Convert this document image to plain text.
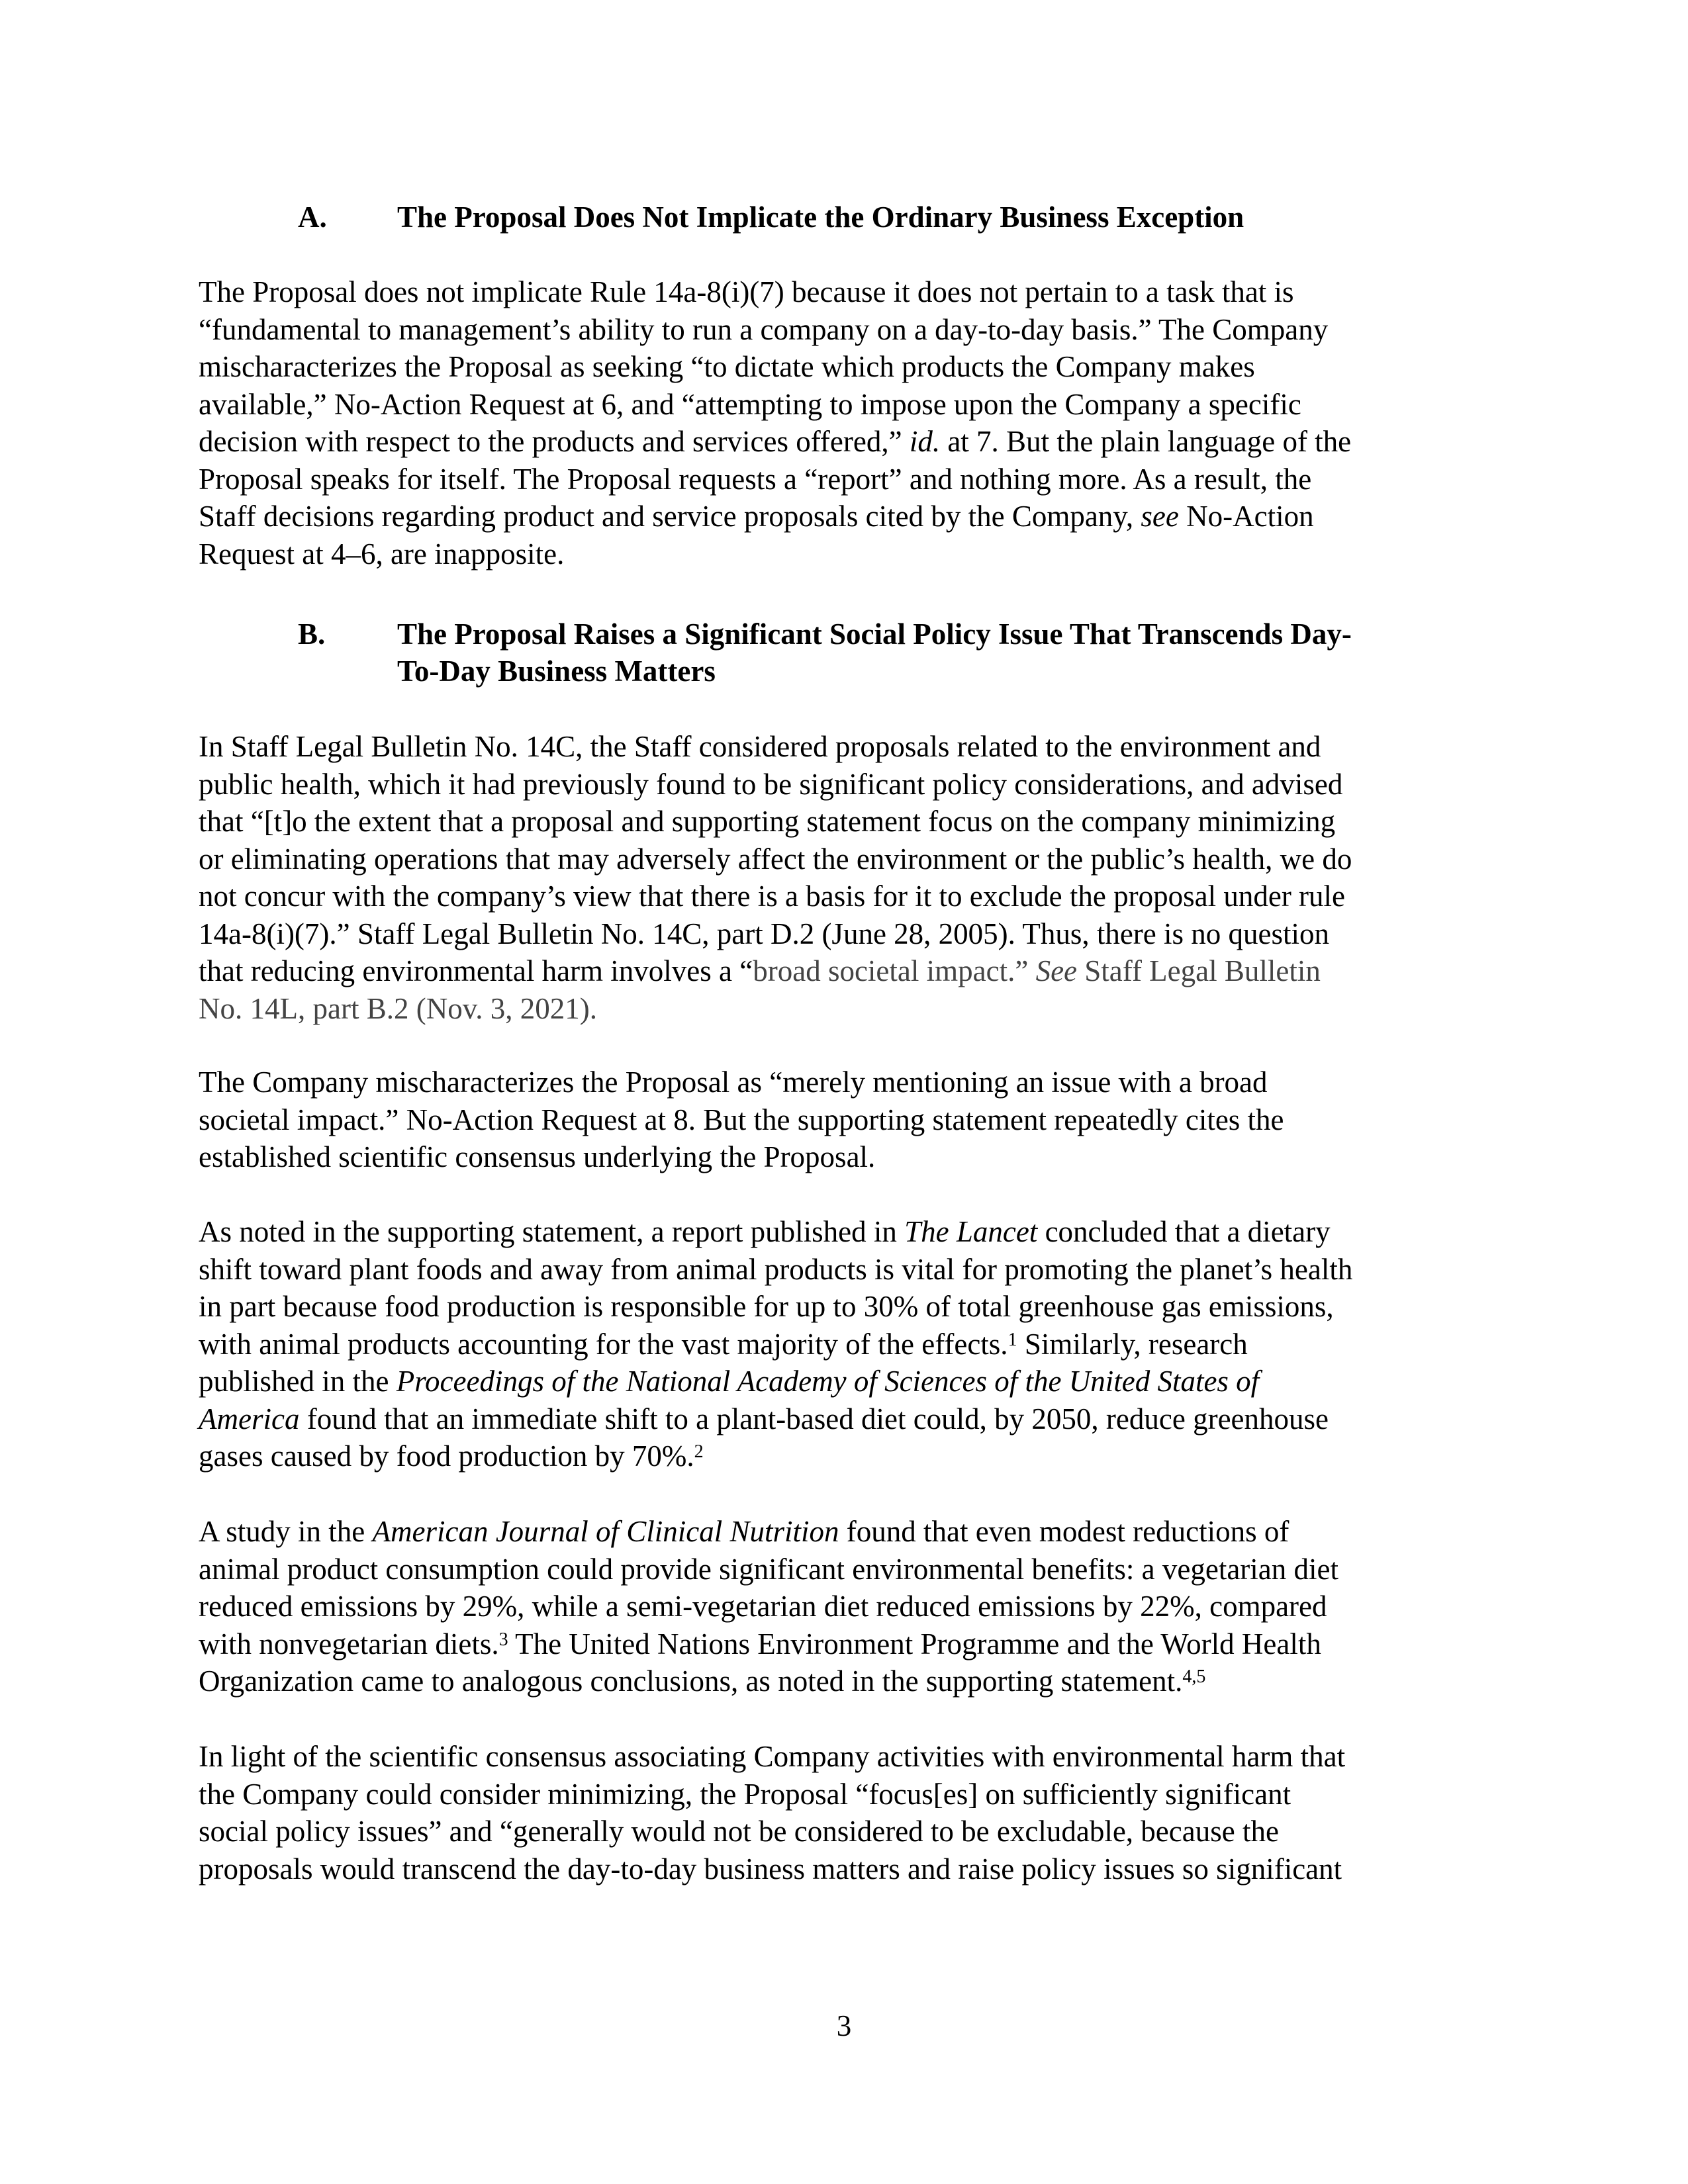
A. The Proposal Does Not Implicate the Ordinary Business Exception
The Proposal does not implicate Rule 14a-8(i)(7) because it does not pertain to a task that is
“fundamental to management’s ability to run a company on a day-to-day basis.” The Company
mischaracterizes the Proposal as seeking “to dictate which products the Company makes
available,” No-Action Request at 6, and “attempting to impose upon the Company a specific
decision with respect to the products and services offered,” id. at 7. But the plain language of the
Proposal speaks for itself. The Proposal requests a “report” and nothing more. As a result, the
Staff decisions regarding product and service proposals cited by the Company, see No-Action
Request at 4–6, are inapposite.
B. The Proposal Raises a Significant Social Policy Issue That Transcends Day-
To-Day Business Matters
In Staff Legal Bulletin No. 14C, the Staff considered proposals related to the environment and
public health, which it had previously found to be significant policy considerations, and advised
that “[t]o the extent that a proposal and supporting statement focus on the company minimizing
or eliminating operations that may adversely affect the environment or the public’s health, we do
not concur with the company’s view that there is a basis for it to exclude the proposal under rule
14a-8(i)(7).” Staff Legal Bulletin No. 14C, part D.2 (June 28, 2005). Thus, there is no question
that reducing environmental harm involves a “broad societal impact.” See Staff Legal Bulletin
No. 14L, part B.2 (Nov. 3, 2021).
The Company mischaracterizes the Proposal as “merely mentioning an issue with a broad
societal impact.” No-Action Request at 8. But the supporting statement repeatedly cites the
established scientific consensus underlying the Proposal.
As noted in the supporting statement, a report published in The Lancet concluded that a dietary
shift toward plant foods and away from animal products is vital for promoting the planet’s health
in part because food production is responsible for up to 30% of total greenhouse gas emissions,
with animal products accounting for the vast majority of the effects.$^1$ Similarly, research
published in the Proceedings of the National Academy of Sciences of the United States of
America found that an immediate shift to a plant-based diet could, by 2050, reduce greenhouse
gases caused by food production by 70%.$^2$
A study in the American Journal of Clinical Nutrition found that even modest reductions of
animal product consumption could provide significant environmental benefits: a vegetarian diet
reduced emissions by 29%, while a semi-vegetarian diet reduced emissions by 22%, compared
with nonvegetarian diets.$^3$ The United Nations Environment Programme and the World Health
Organization came to analogous conclusions, as noted in the supporting statement.$^{4,5}$
In light of the scientific consensus associating Company activities with environmental harm that
the Company could consider minimizing, the Proposal “focus[es] on sufficiently significant
social policy issues” and “generally would not be considered to be excludable, because the
proposals would transcend the day-to-day business matters and raise policy issues so significant
3
